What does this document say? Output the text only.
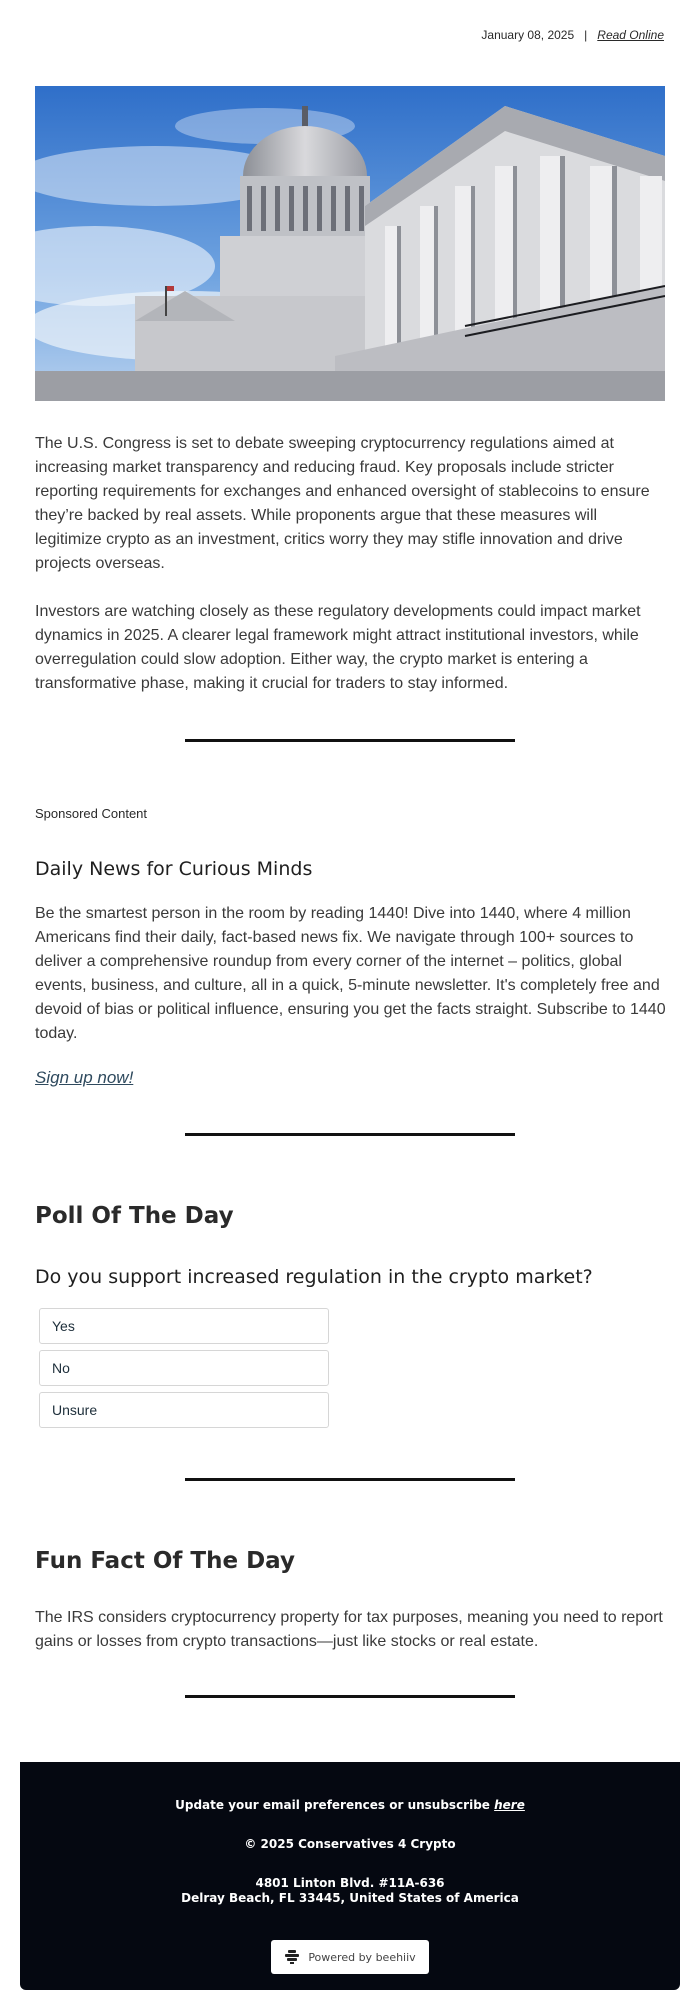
January 08, 2025 | Read Online

The U.S. Congress is set to debate sweeping cryptocurrency regulations aimed at increasing market transparency and reducing fraud. Key proposals include stricter reporting requirements for exchanges and enhanced oversight of stablecoins to ensure they’re backed by real assets. While proponents argue that these measures will legitimize crypto as an investment, critics worry they may stifle innovation and drive projects overseas.

Investors are watching closely as these regulatory developments could impact market dynamics in 2025. A clearer legal framework might attract institutional investors, while overregulation could slow adoption. Either way, the crypto market is entering a transformative phase, making it crucial for traders to stay informed.

Sponsored Content
Daily News for Curious Minds

Be the smartest person in the room by reading 1440! Dive into 1440, where 4 million Americans find their daily, fact-based news fix. We navigate through 100+ sources to deliver a comprehensive roundup from every corner of the internet – politics, global events, business, and culture, all in a quick, 5-minute newsletter. It's completely free and devoid of bias or political influence, ensuring you get the facts straight. Subscribe to 1440 today.

Sign up now!
Poll Of The Day
Do you support increased regulation in the crypto market?
Yes
No
Unsure
Fun Fact Of The Day

The IRS considers cryptocurrency property for tax purposes, meaning you need to report gains or losses from crypto transactions—just like stocks or real estate.

Update your email preferences or unsubscribe here
© 2025 Conservatives 4 Crypto
4801 Linton Blvd. #11A-636
Delray Beach, FL 33445, United States of America
Powered by beehiiv
